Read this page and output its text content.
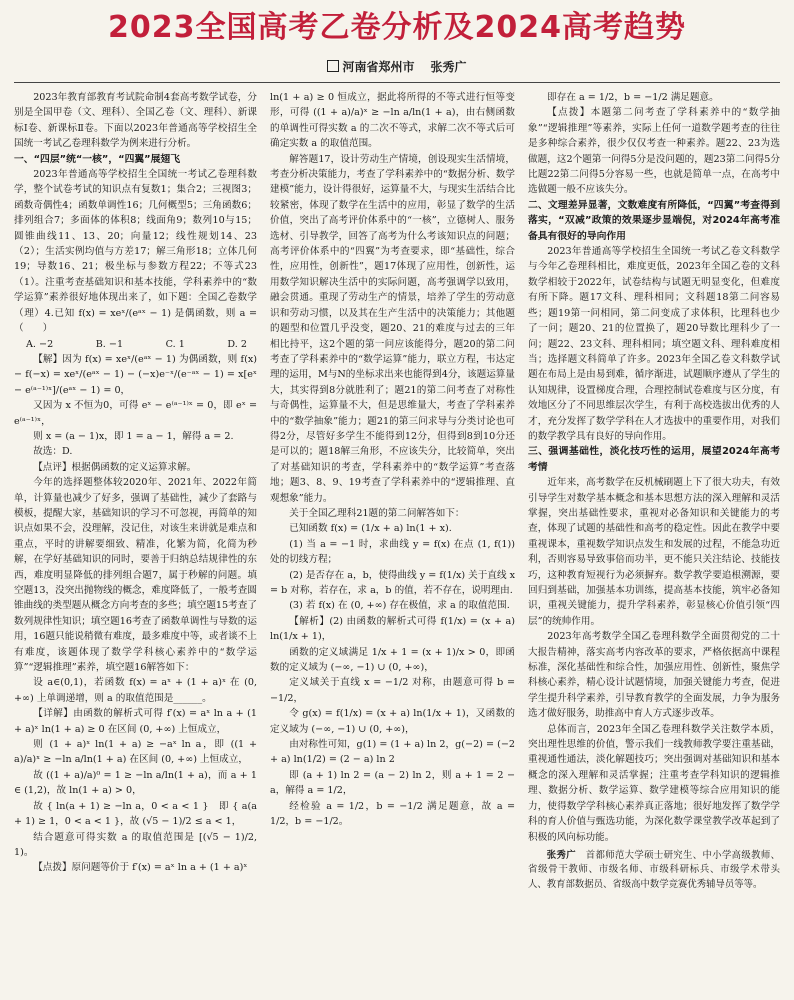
2023全国高考乙卷分析及2024高考趋势
河南省郑州市 张秀广

2023年教育部教育考试院命制4套高考数学试卷，分别是全国甲卷（文、理科）、全国乙卷（文、理科）、新课标Ⅰ卷、新课标Ⅱ卷。下面以2023年普通高等学校招生全国统一考试乙卷理科数学为例来进行分析。

一、“四层”统“一核”，“四翼”展翅飞

2023年普通高等学校招生全国统一考试乙卷理科数学，整个试卷考试的知识点有复数1；集合2；三视图3；函数奇偶性4；函数单调性16；几何概型5；三角函数6；排列组合7；多面体的体积8；线面角9；数列10与15；圆锥曲线11、13、20；向量12；线性规划14、23（2）；生活实例均值与方差17；解三角形18；立体几何19；导数16、21；极坐标与参数方程22；不等式23（1）。注重考查基础知识和基本技能，学科素养中的“数学运算”素养很好地体现出来了，如下题：全国乙卷数学（理）4.已知 f(x) = xeˣ/(eᵃˣ − 1) 是偶函数，则 a =（　　）

A. −2	B. −1	C. 1	D. 2

【解】因为 f(x) = xeˣ/(eᵃˣ − 1) 为偶函数，则 f(x) − f(−x) = xeˣ/(eᵃˣ − 1) − (−x)e⁻ˣ/(e⁻ᵃˣ − 1) = x[eˣ − e⁽ᵃ⁻¹⁾ˣ]/(eᵃˣ − 1) = 0，

又因为 x 不恒为0，可得 eˣ − e⁽ᵃ⁻¹⁾ˣ = 0，即 eˣ = e⁽ᵃ⁻¹⁾ˣ，

则 x = (a − 1)x，即 1 = a − 1，解得 a = 2.

故选：D.

【点评】根据偶函数的定义运算求解。

今年的选择题整体较2020年、2021年、2022年简单，计算量也减少了好多，强调了基础性，减少了套路与模板，提醒大家，基础知识的学习不可忽视，再简单的知识点如果不会，没理解，没记住，对该生来讲就是难点和重点，平时的讲解要细致、精准，化繁为简，化简为秒解，在学好基础知识的同时，要善于归纳总结规律性的东西，难度明显降低的排列组合题7，属于秒解的问题。填空题13，没突出抛物线的概念，难度降低了，一般考查圆锥曲线的类型题从概念方向考查的多些；填空题15考查了数列规律性知识；填空题16考查了函数单调性与导数的运用，16题只能说稍微有难度，最多难度中等，或者谈不上有难度，该题体现了数学学科核心素养中的“数学运算”“逻辑推理”素养，填空题16解答如下：

设 a∈(0,1)，若函数 f(x) = aˣ + (1 + a)ˣ 在 (0, +∞) 上单调递增，则 a 的取值范围是______。

【详解】由函数的解析式可得 f′(x) = aˣ ln a + (1 + a)ˣ ln(1 + a) ≥ 0 在区间 (0, +∞) 上恒成立，

则 (1 + a)ˣ ln(1 + a) ≥ −aˣ ln a，即 ((1 + a)/a)ˣ ≥ −ln a/ln(1 + a) 在区间 (0, +∞) 上恒成立，

故 ((1 + a)/a)⁰ = 1 ≥ −ln a/ln(1 + a)，而 a + 1 ∈ (1,2)，故 ln(1 + a) > 0，

故 { ln(a + 1) ≥ −ln a，0 < a < 1 }　即 { a(a + 1) ≥ 1，0 < a < 1 }，故 (√5 − 1)/2 ≤ a < 1，

结合题意可得实数 a 的取值范围是 [(√5 − 1)/2, 1)。

【点拨】原问题等价于 f′(x) = aˣ ln a + (1 + a)ˣ

ln(1 + a) ≥ 0 恒成立，据此将所得的不等式进行恒等变形，可得 ((1 + a)/a)ˣ ≥ −ln a/ln(1 + a)，由右侧函数的单调性可得实数 a 的二次不等式，求解二次不等式后可确定实数 a 的取值范围。

解答题17，设计劳动生产情境，创设现实生活情境，考查分析决策能力，考查了学科素养中的“数据分析、数学建模”能力，设计得很好，运算量不大，与现实生活结合比较紧密，体现了数学在生活中的应用，彰显了数学的生活价值，突出了高考评价体系中的“一核”，立德树人、服务选材、引导教学，回答了高考为什么考该知识点的问题；高考评价体系中的“四翼”为考查要求，即“基础性，综合性，应用性，创新性”，题17体现了应用性，创新性，运用数学知识解决生活中的实际问题，高考强调学以致用，融会贯通。重现了劳动生产的情景，培养了学生的劳动意识和劳动习惯，以及其在生产生活中的决策能力；其他题的题型和位置几乎没变，题20、21的难度与过去的三年相比持平，这2个题的第一问应该能得分，题20的第二问考查了学科素养中的“数学运算”能力，联立方程，韦达定理的运用，M与N的坐标求出来也能得到4分，该题运算量大，其实得到8分就胜利了；题21的第二问考查了对称性与奇偶性，运算量不大，但是思维量大，考查了学科素养中的“数学抽象”能力；题21的第三问求导与分类讨论也可得2分，尽管好多学生不能得到12分，但得到8到10分还是可以的；题18解三角形，不应该失分，比较简单，突出了对基础知识的考查，学科素养中的“数学运算”考查落地；题3、8、9、19考查了学科素养中的“逻辑推理、直观想象”能力。

关于全国乙理科21题的第二问解答如下：

已知函数 f(x) = (1/x + a) ln(1 + x).

(1) 当 a = −1 时，求曲线 y = f(x) 在点 (1, f(1)) 处的切线方程；

(2) 是否存在 a，b，使得曲线 y = f(1/x) 关于直线 x = b 对称，若存在，求 a，b 的值，若不存在，说明理由.

(3) 若 f(x) 在 (0, +∞) 存在极值，求 a 的取值范围.

【解析】(2) 由函数的解析式可得 f(1/x) = (x + a) ln(1/x + 1)，

函数的定义域满足 1/x + 1 = (x + 1)/x > 0，即函数的定义域为 (−∞, −1) ∪ (0, +∞)，

定义域关于直线 x = −1/2 对称，由题意可得 b = −1/2，

令 g(x) = f(1/x) = (x + a) ln(1/x + 1)，又函数的定义域为 (−∞, −1) ∪ (0, +∞)，

由对称性可知，g(1) = (1 + a) ln 2，g(−2) = (−2 + a) ln(1/2) = (2 − a) ln 2

即 (a + 1) ln 2 = (a − 2) ln 2，则 a + 1 = 2 − a，解得 a = 1/2，

经检验 a = 1/2，b = −1/2 满足题意，故 a = 1/2，b = −1/2。

即存在 a = 1/2，b = −1/2 满足题意。

【点拨】本题第二问考查了学科素养中的“数学抽象”“逻辑推理”等素养，实际上任何一道数学题考查的往往是多种综合素养，很少仅仅考查一种素养。题22、23为选做题，这2个题第一问得5分是没问题的，题23第二问得5分比题22第二问得5分容易一些，也就是简单一点，在高考中选做题一般不应该失分。

二、文理差异显著，文数难度有所降低，“四翼”考查得到落实，“双减”政策的效果逐步显端倪，对2024年高考准备具有很好的导向作用

2023年普通高等学校招生全国统一考试乙卷文科数学与今年乙卷理科相比，难度更低，2023年全国乙卷的文科数学相较于2022年，试卷结构与试题无明显变化，但难度有所下降。题17文科、理科相同；文科题18第二问容易些；题19第一问相同，第二问变成了求体积，比理科也少了一问；题20、21的位置换了，题20导数比理科少了一问；题22、23文科、理科相同；填空题文科、理科难度相当；选择题文科简单了许多。2023年全国乙卷文科数学试题在布局上是由易到难，循序渐进，试题顺序遵从了学生的认知规律，设置梯度合理，合理控制试卷难度与区分度，有效地区分了不同思维层次学生，有利于高校选拔出优秀的人才，充分发挥了数学学科在人才选拔中的重要作用，对我们的数学教学具有良好的导向作用。

三、强调基础性，淡化技巧性的运用，展望2024年高考考情

近年来，高考数学在反机械刷题上下了很大功夫，有效引导学生对数学基本概念和基本思想方法的深入理解和灵活掌握，突出基础性要求，重视对必备知识和关键能力的考查，体现了试题的基础性和高考的稳定性。因此在教学中要重视课本，重视数学知识点发生和发展的过程，不能急功近利，否则容易导致事倍而功半，更不能只关注结论、技能技巧，这种教育短视行为必须摒弃。数学教学要追根溯源，要回归到基础，加强基本功训练，提高基本技能，筑牢必备知识，重视关键能力，提升学科素养，彰显核心价值引领“四层”的统帅作用。

2023年高考数学全国乙卷理科数学全面贯彻党的二十大报告精神，落实高考内容改革的要求，严格依据高中课程标准，深化基础性和综合性，加强应用性、创新性，聚焦学科核心素养，精心设计试题情境，加强关键能力考查，促进学生提升科学素养，引导教育教学的全面发展，力争为服务选才做好服务，助推高中育人方式逐步改革。

总体而言，2023年全国乙卷理科数学关注数学本质，突出理性思维的价值，警示我们一线教师教学要注重基础，重视通性通法，淡化解题技巧；突出强调对基础知识和基本概念的深入理解和灵活掌握；注重考查学科知识的逻辑推理、数据分析、数学运算、数学建模等综合应用知识的能力，使得数学学科核心素养真正落地；很好地发挥了数学学科的育人价值与甄选功能，为深化数学课堂教学改革起到了积极的风向标功能。

张秀广　 首都师范大学硕士研究生、中小学高级教师、省级骨干教师、市级名师、市级科研标兵、市级学术带头人、教育部数据员、省级高中数学竞赛优秀辅导员等等。
